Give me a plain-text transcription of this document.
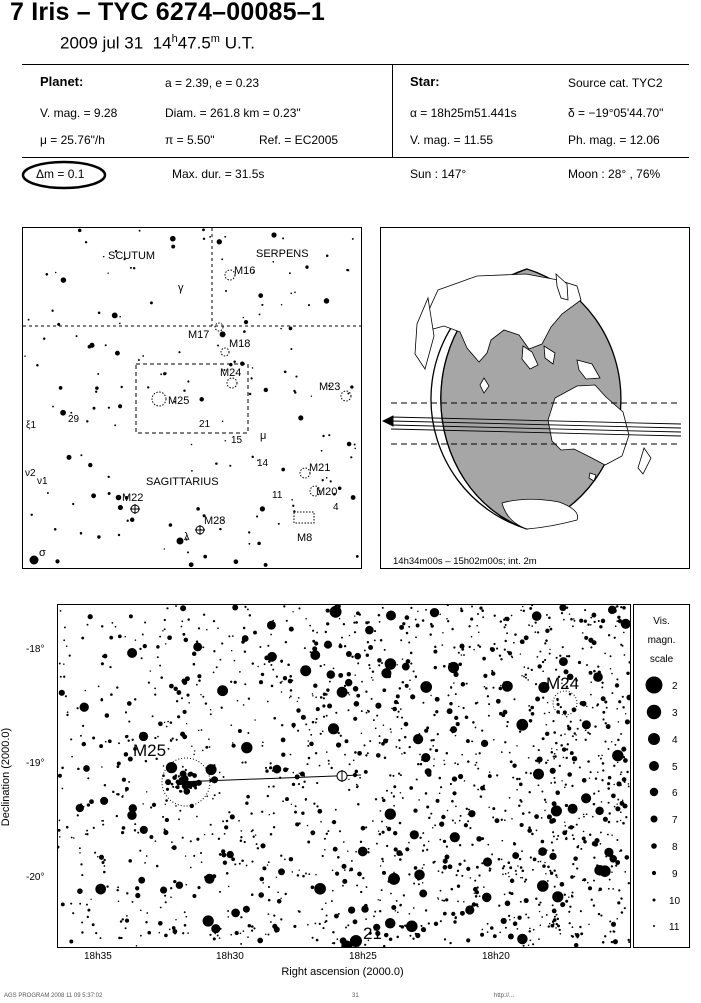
7 Iris – TYC 6274–00085–1
2009 jul 31 14$^h$47.5$^m$ U.T.
Planet:	a = 2.39, e = 0.23
V. mag. = 9.28	Diam. = 261.8 km = 0.23"
μ = 25.76"/h	π = 5.50"	Ref. = EC2005
Star:	Source cat. TYC2
α = 18h25m51.441s	δ = −19°05'44.70"
V. mag. = 11.55	Ph. mag. = 12.06
Δm = 0.1	Max. dur. = 31.5s	Sun : 147°	Moon : 28° , 76%
SCUTUM	SERPENS
SAGITTARIUS
M16
M17
M18
M24
M25
M23
M21
M20
M22
M28
M8
γ
ξ1
29	21
15 μ
14
11
4
ν2
ν1
λ
σ
14h34m00s – 15h02m00s; int. 2m
M25
M24
21
Declination (2000.0)
-18°
-19°
-20°
18h35	18h30	18h25	18h20
Right ascension (2000.0)
Vis.
magn.
scale
2
3
4
5
6
7
8
9
10
11
AGS PROGRAM 2008 11 09 5:37:02	31	http://...
